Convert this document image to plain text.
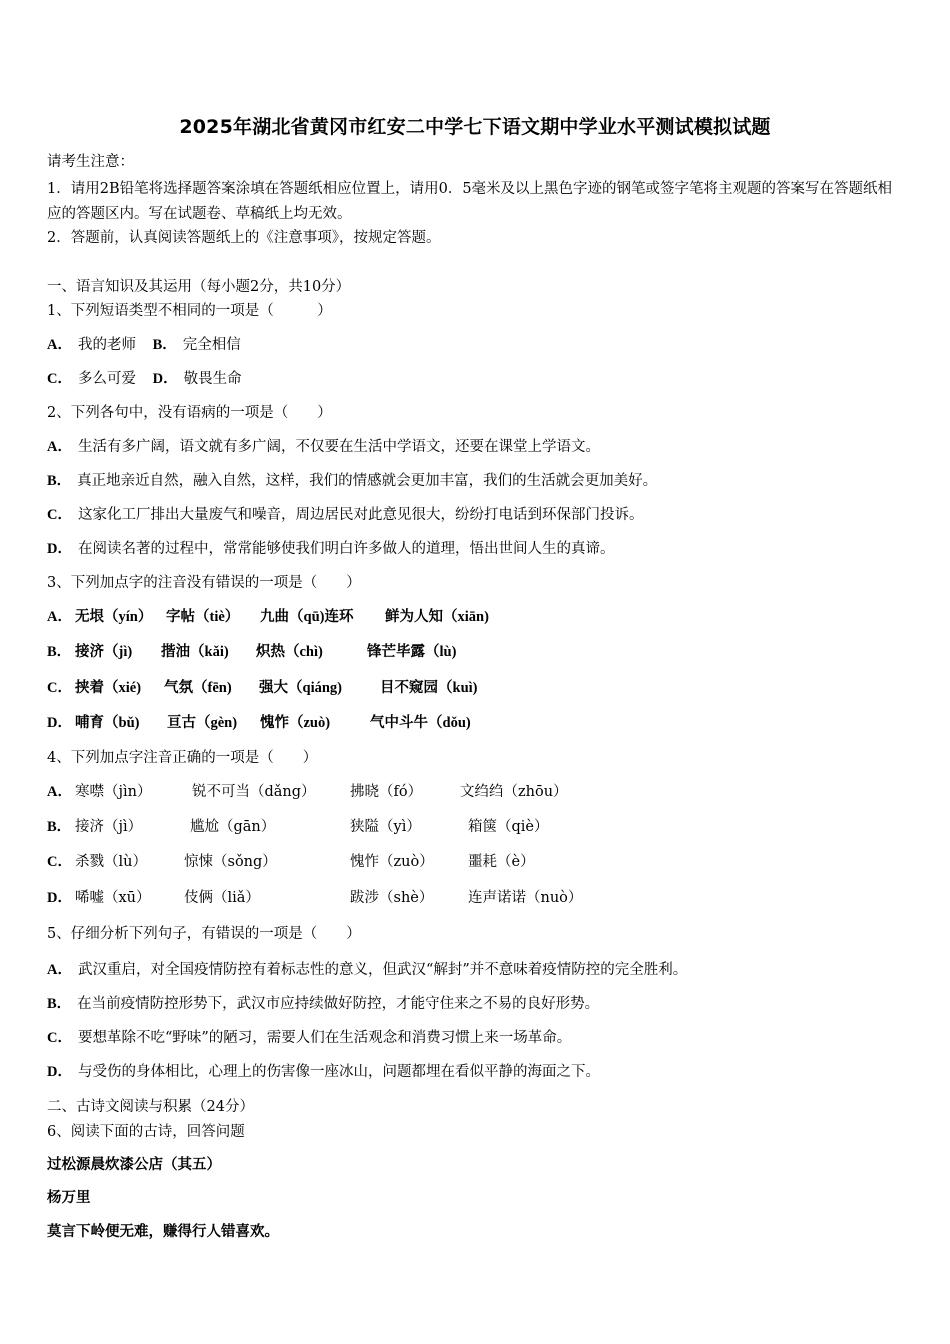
2025年湖北省黄冈市红安二中学七下语文期中学业水平测试模拟试题
请考生注意：
1．请用2B铅笔将选择题答案涂填在答题纸相应位置上，请用0．5毫米及以上黑色字迹的钢笔或签字笔将主观题的答案写在答题纸相应的答题区内。写在试题卷、草稿纸上均无效。
2．答题前，认真阅读答题纸上的《注意事项》，按规定答题。
一、语言知识及其运用（每小题2分，共10分）
1、下列短语类型不相同的一项是（　　　）
A． 我的老师 B． 完全相信
C． 多么可爱 D． 敬畏生命
2、下列各句中，没有语病的一项是（　　）
A． 生活有多广阔，语文就有多广阔，不仅要在生活中学语文，还要在课堂上学语文。
B． 真正地亲近自然，融入自然，这样，我们的情感就会更加丰富，我们的生活就会更加美好。
C． 这家化工厂排出大量废气和噪音，周边居民对此意见很大，纷纷打电话到环保部门投诉。
D． 在阅读名著的过程中，常常能够使我们明白许多做人的道理，悟出世间人生的真谛。
3、下列加点字的注音没有错误的一项是（　　）
A． 无垠（yín） 字帖（tiè） 九曲（qū)连环 鲜为人知（xiān)
B． 接济（jì) 揩油（kǎi) 炽热（chì)	锋芒毕露（lù)
C． 挟着（xié) 气氛（fēn) 强大（qiáng)	目不窥园（kuì)
D． 哺育（bǔ) 亘古（gèn) 愧怍（zuò)	气中斗牛（dǒu)
4、下列加点字注音正确的一项是（　　）
A． 寒噤（jìn）	锐不可当（dǎng） 拂晓（fó）	文绉绉（zhōu）
B． 接济（jì）	尴尬（gān）	狭隘（yì）	箱箧（qiè）
C． 杀戮（lù）	惊悚（sǒng）	愧怍（zuò） 噩耗（è）
D． 唏嘘（xū） 伎俩（liǎ）	跋涉（shè） 连声诺诺（nuò）
5、仔细分析下列句子，有错误的一项是（　　）
A． 武汉重启，对全国疫情防控有着标志性的意义，但武汉“解封”并不意味着疫情防控的完全胜利。
B． 在当前疫情防控形势下，武汉市应持续做好防控，才能守住来之不易的良好形势。
C． 要想革除不吃“野味”的陋习，需要人们在生活观念和消费习惯上来一场革命。
D． 与受伤的身体相比，心理上的伤害像一座冰山，问题都埋在看似平静的海面之下。
二、古诗文阅读与积累（24分）
6、阅读下面的古诗，回答问题
过松源晨炊漆公店（其五）
杨万里
莫言下岭便无难，赚得行人错喜欢。
